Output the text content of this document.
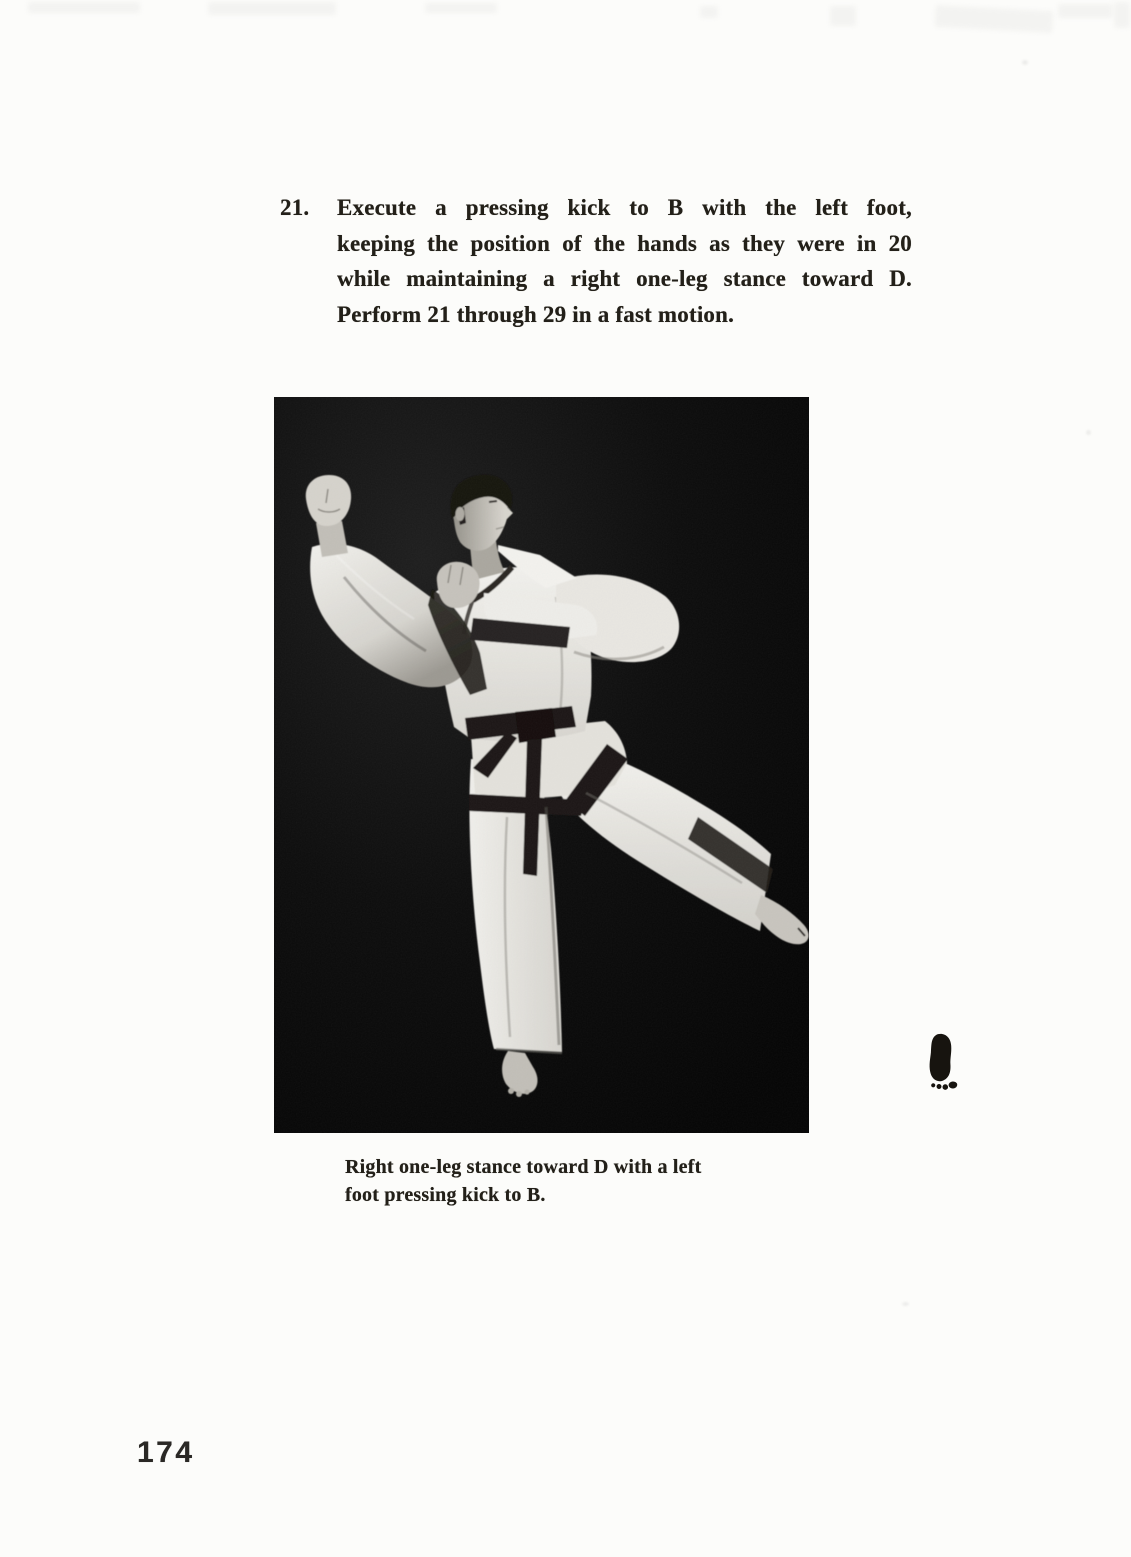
21.	Execute a pressing kick to B with the left foot,
keeping the position of the hands as they were in 20
while maintaining a right one-leg stance toward D.
Perform 21 through 29 in a fast motion.
Right one-leg stance toward D with a left
foot pressing kick to B.
174
